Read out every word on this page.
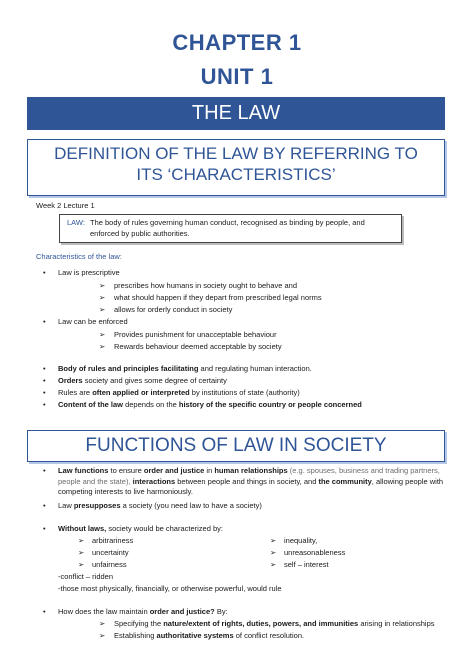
CHAPTER 1
UNIT 1
THE LAW
DEFINITION OF THE LAW BY REFERRING TO
ITS ‘CHARACTERISTICS’
Week 2 Lecture 1
LAW: The body of rules governing human conduct, recognised as binding by people, and enforced by public authorities.
Characteristics of the law:
• Law is prescriptive
➢ prescribes how humans in society ought to behave and
➢ what should happen if they depart from prescribed legal norms
➢ allows for orderly conduct in society
• Law can be enforced
➢ Provides punishment for unacceptable behaviour
➢ Rewards behaviour deemed acceptable by society
• Body of rules and principles facilitating and regulating human interaction.
• Orders society and gives some degree of certainty
• Rules are often applied or interpreted by institutions of state (authority)
• Content of the law depends on the history of the specific country or people concerned
FUNCTIONS OF LAW IN SOCIETY
• Law functions to ensure order and justice in human relationships (e.g. spouses, business and trading partners, people and the state), interactions between people and things in society, and the community, allowing people with competing interests to live harmoniously.
• Law presupposes a society (you need law to have a society)
• Without laws, society would be characterized by:
➢ arbitrariness	➢ inequality,
➢ uncertainty	➢ unreasonableness
➢ unfairness	➢ self – interest
-conflict – ridden
-those most physically, financially, or otherwise powerful, would rule
• How does the law maintain order and justice? By:
➢ Specifying the nature/extent of rights, duties, powers, and immunities arising in relationships
➢ Establishing authoritative systems of conflict resolution.
